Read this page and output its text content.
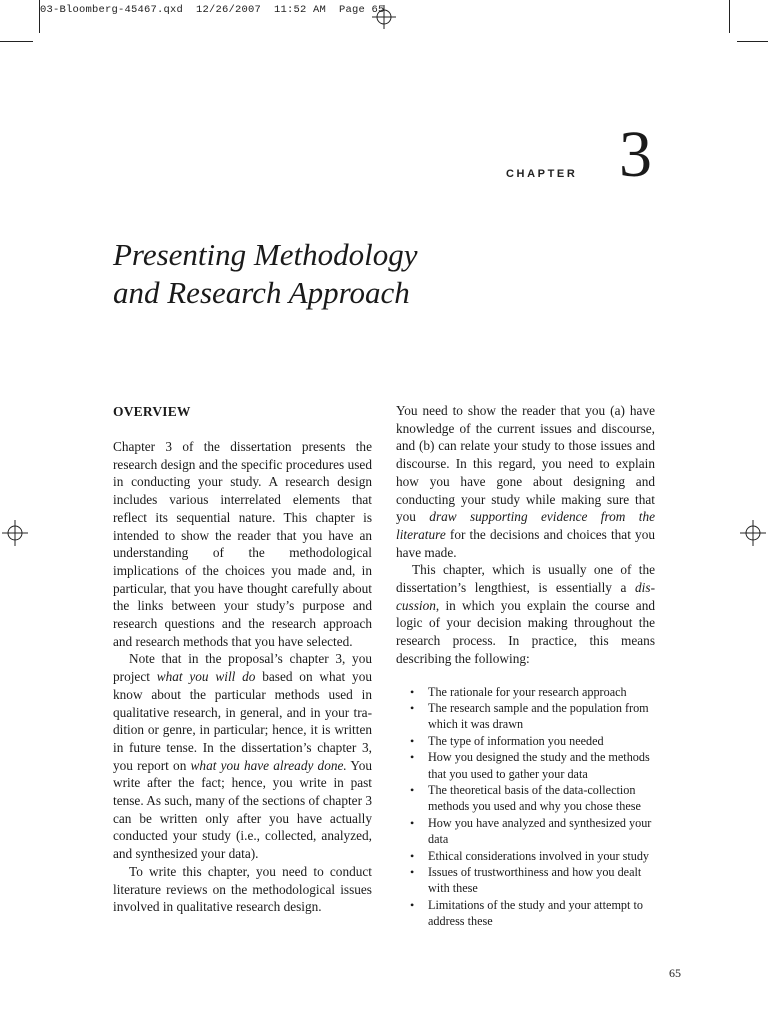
03-Bloomberg-45467.qxd  12/26/2007  11:52 AM  Page 65
CHAPTER 3
Presenting Methodology
and Research Approach
OVERVIEW

Chapter 3 of the dissertation presents the research design and the specific procedures used in conducting your study. A research design includes various interrelated elements that reflect its sequential nature. This chapter is intended to show the reader that you have an understanding of the methodological implications of the choices you made and, in particular, that you have thought carefully about the links between your study’s purpose and research questions and the research approach and research methods that you have selected.

Note that in the proposal’s chapter 3, you project what you will do based on what you know about the particular methods used in qualitative research, in general, and in your tradition or genre, in particular; hence, it is written in future tense. In the dissertation’s chapter 3, you report on what you have already done. You write after the fact; hence, you write in past tense. As such, many of the sections of chapter 3 can be written only after you have actually conducted your study (i.e., collected, analyzed, and synthesized your data).

To write this chapter, you need to conduct literature reviews on the methodological issues involved in qualitative research design.

You need to show the reader that you (a) have knowledge of the current issues and discourse, and (b) can relate your study to those issues and discourse. In this regard, you need to explain how you have gone about designing and conducting your study while making sure that you draw supporting evidence from the literature for the decisions and choices that you have made.

This chapter, which is usually one of the dissertation’s lengthiest, is essentially a discussion, in which you explain the course and logic of your decision making throughout the research process. In practice, this means describing the following:

• The rationale for your research approach
• The research sample and the population from which it was drawn
• The type of information you needed
• How you designed the study and the methods that you used to gather your data
• The theoretical basis of the data-collection methods you used and why you chose these
• How you have analyzed and synthesized your data
• Ethical considerations involved in your study
• Issues of trustworthiness and how you dealt with these
• Limitations of the study and your attempt to address these
65
